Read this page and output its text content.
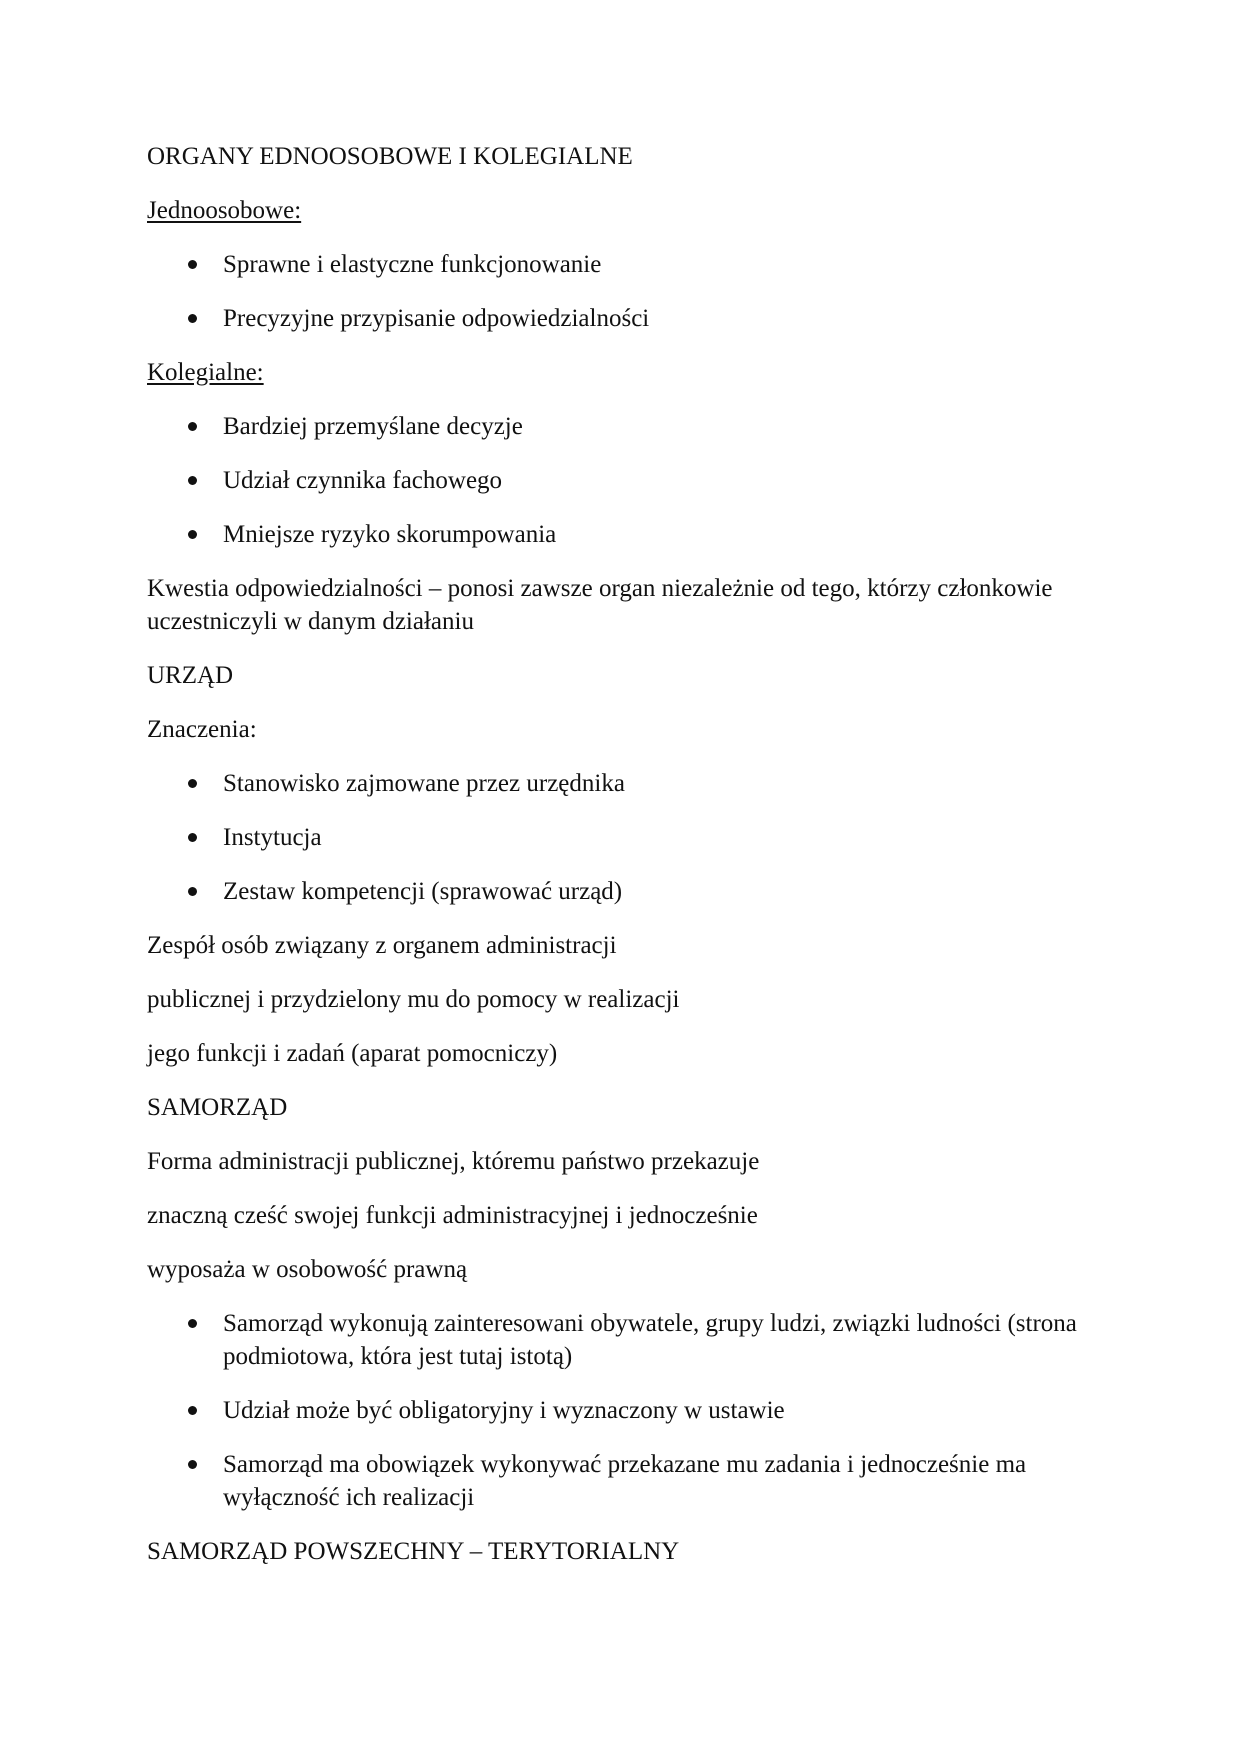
ORGANY EDNOOSOBOWE I KOLEGIALNE

Jednoosobowe:

Sprawne i elastyczne funkcjonowanie
Precyzyjne przypisanie odpowiedzialności

Kolegialne:

Bardziej przemyślane decyzje
Udział czynnika fachowego
Mniejsze ryzyko skorumpowania

Kwestia odpowiedzialności – ponosi zawsze organ niezależnie od tego, którzy członkowie uczestniczyli w danym działaniu

URZĄD

Znaczenia:

Stanowisko zajmowane przez urzędnika
Instytucja
Zestaw kompetencji (sprawować urząd)

Zespół osób związany z organem administracji

publicznej i przydzielony mu do pomocy w realizacji

jego funkcji i zadań (aparat pomocniczy)

SAMORZĄD

Forma administracji publicznej, któremu państwo przekazuje

znaczną cześć swojej funkcji administracyjnej i jednocześnie

wyposaża w osobowość prawną

Samorząd wykonują zainteresowani obywatele, grupy ludzi, związki ludności (strona podmiotowa, która jest tutaj istotą)
Udział może być obligatoryjny i wyznaczony w ustawie
Samorząd ma obowiązek wykonywać przekazane mu zadania i jednocześnie ma wyłączność ich realizacji

SAMORZĄD POWSZECHNY – TERYTORIALNY
